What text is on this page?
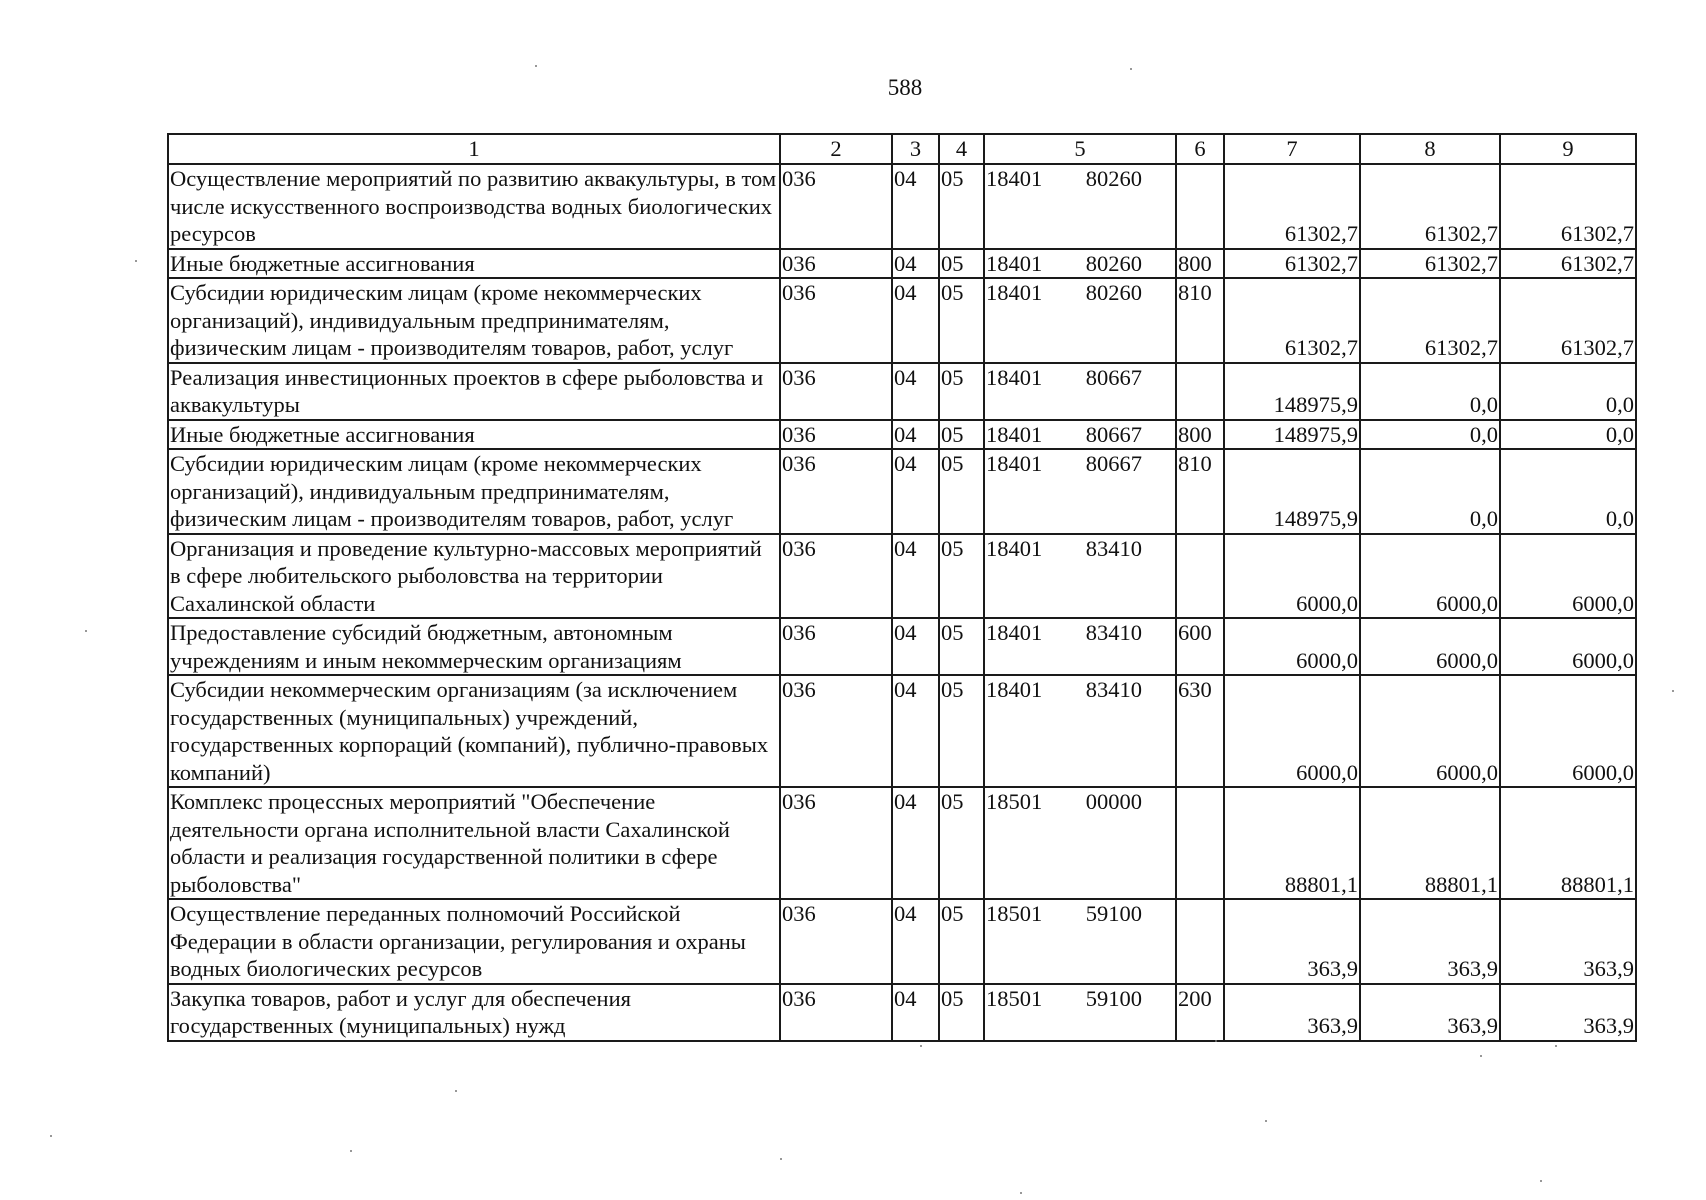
588
1	2	3	4	5	6	7	8	9
Осуществление мероприятий по развитию аквакультуры, в том числе искусственного воспроизводства водных биологических ресурсов	036	04	05	18401 80260		61302,7	61302,7	61302,7
Иные бюджетные ассигнования	036	04	05	18401 80260	800	61302,7	61302,7	61302,7
Субсидии юридическим лицам (кроме некоммерческих организаций), индивидуальным предпринимателям, физическим лицам - производителям товаров, работ, услуг	036	04	05	18401 80260	810	61302,7	61302,7	61302,7
Реализация инвестиционных проектов в сфере рыболовства и аквакультуры	036	04	05	18401 80667		148975,9	0,0	0,0
Иные бюджетные ассигнования	036	04	05	18401 80667	800	148975,9	0,0	0,0
Субсидии юридическим лицам (кроме некоммерческих организаций), индивидуальным предпринимателям, физическим лицам - производителям товаров, работ, услуг	036	04	05	18401 80667	810	148975,9	0,0	0,0
Организация и проведение культурно-массовых мероприятий в сфере любительского рыболовства на территории Сахалинской области	036	04	05	18401 83410		6000,0	6000,0	6000,0
Предоставление субсидий бюджетным, автономным учреждениям и иным некоммерческим организациям	036	04	05	18401 83410	600	6000,0	6000,0	6000,0
Субсидии некоммерческим организациям (за исключением государственных (муниципальных) учреждений, государственных корпораций (компаний), публично-правовых компаний)	036	04	05	18401 83410	630	6000,0	6000,0	6000,0
Комплекс процессных мероприятий "Обеспечение деятельности органа исполнительной власти Сахалинской области и реализация государственной политики в сфере рыболовства"	036	04	05	18501 00000		88801,1	88801,1	88801,1
Осуществление переданных полномочий Российской Федерации в области организации, регулирования и охраны водных биологических ресурсов	036	04	05	18501 59100		363,9	363,9	363,9
Закупка товаров, работ и услуг для обеспечения государственных (муниципальных) нужд	036	04	05	18501 59100	200	363,9	363,9	363,9
